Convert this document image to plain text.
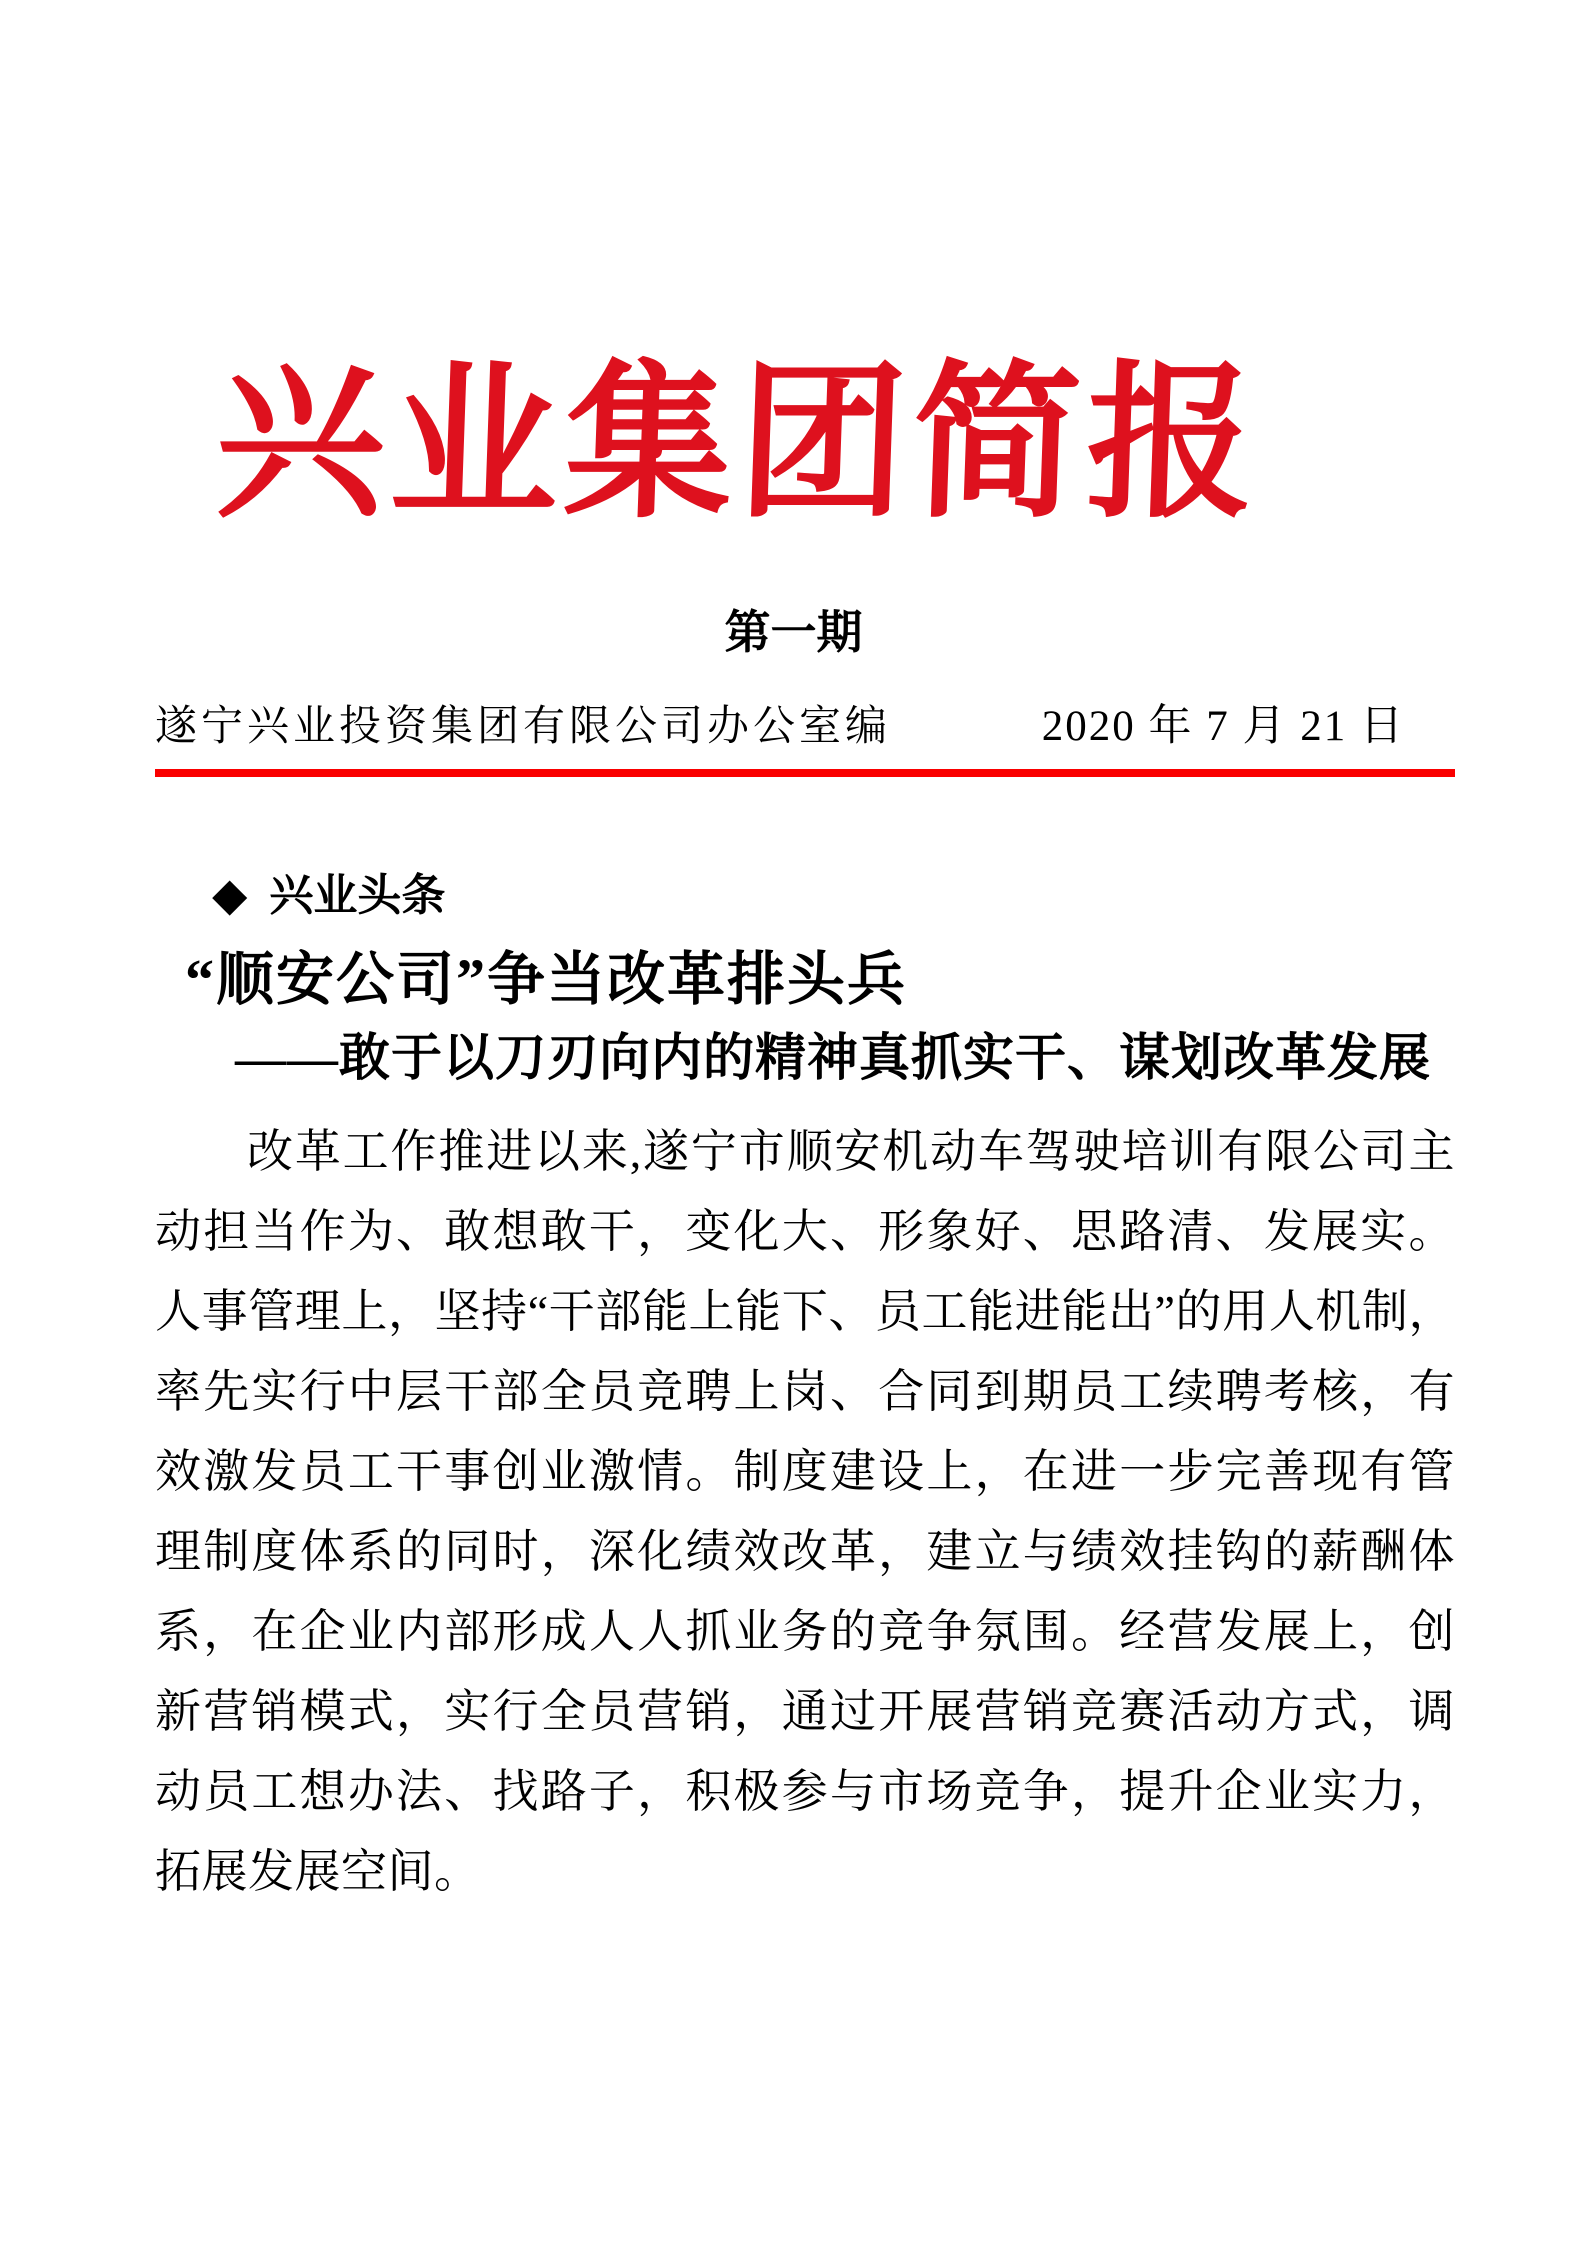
兴业集团简报
第一期
遂宁兴业投资集团有限公司办公室编	2020 年 7 月 21 日
◆ 兴业头条
“顺安公司”争当改革排头兵
——敢于以刀刃向内的精神真抓实干、谋划改革发展
改革工作推进以来,遂宁市顺安机动车驾驶培训有限公司主动担当作为、敢想敢干，变化大、形象好、思路清、发展实。人事管理上，坚持“干部能上能下、员工能进能出”的用人机制，率先实行中层干部全员竞聘上岗、合同到期员工续聘考核，有效激发员工干事创业激情。制度建设上，在进一步完善现有管理制度体系的同时，深化绩效改革，建立与绩效挂钩的薪酬体系，在企业内部形成人人抓业务的竞争氛围。经营发展上，创新营销模式，实行全员营销，通过开展营销竞赛活动方式，调动员工想办法、找路子，积极参与市场竞争，提升企业实力，拓展发展空间。
